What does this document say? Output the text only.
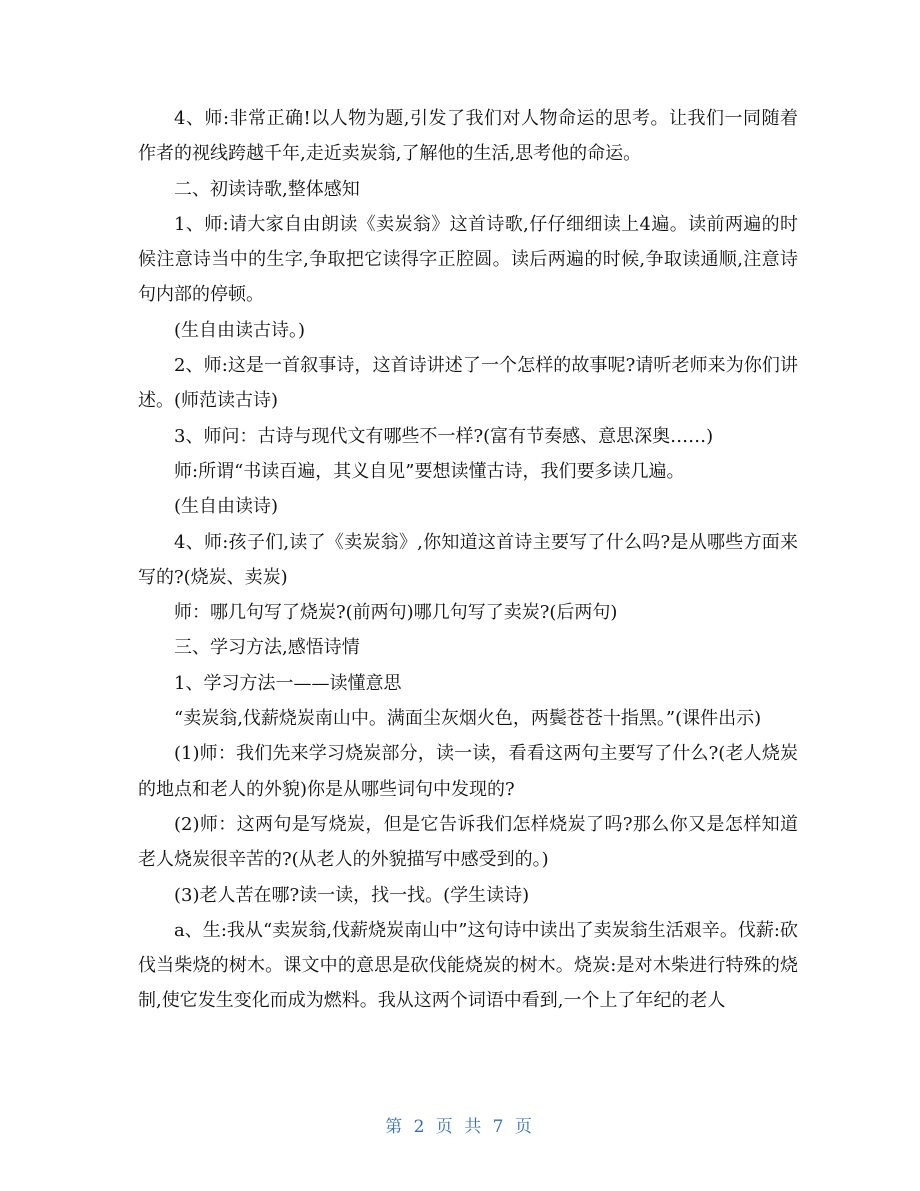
4、师:非常正确!以人物为题,引发了我们对人物命运的思考。让我们一同随着作者的视线跨越千年,走近卖炭翁,了解他的生活,思考他的命运。

二、初读诗歌,整体感知

1、师:请大家自由朗读《卖炭翁》这首诗歌,仔仔细细读上4遍。读前两遍的时候注意诗当中的生字,争取把它读得字正腔圆。读后两遍的时候,争取读通顺,注意诗句内部的停顿。

(生自由读古诗。)

2、师:这是一首叙事诗，这首诗讲述了一个怎样的故事呢?请听老师来为你们讲述。(师范读古诗)

3、师问：古诗与现代文有哪些不一样?(富有节奏感、意思深奥……)

师:所谓“书读百遍，其义自见”要想读懂古诗，我们要多读几遍。

(生自由读诗)

4、师:孩子们,读了《卖炭翁》,你知道这首诗主要写了什么吗?是从哪些方面来写的?(烧炭、卖炭)

师：哪几句写了烧炭?(前两句)哪几句写了卖炭?(后两句)

三、学习方法,感悟诗情

1、学习方法一——读懂意思

“卖炭翁,伐薪烧炭南山中。满面尘灰烟火色，两鬓苍苍十指黑。”(课件出示)

(1)师：我们先来学习烧炭部分，读一读，看看这两句主要写了什么?(老人烧炭的地点和老人的外貌)你是从哪些词句中发现的?

(2)师：这两句是写烧炭，但是它告诉我们怎样烧炭了吗?那么你又是怎样知道老人烧炭很辛苦的?(从老人的外貌描写中感受到的。)

(3)老人苦在哪?读一读，找一找。(学生读诗)

a、生:我从“卖炭翁,伐薪烧炭南山中”这句诗中读出了卖炭翁生活艰辛。伐薪:砍伐当柴烧的树木。课文中的意思是砍伐能烧炭的树木。烧炭:是对木柴进行特殊的烧制,使它发生变化而成为燃料。我从这两个词语中看到,一个上了年纪的老人

第 2 页 共 7 页
